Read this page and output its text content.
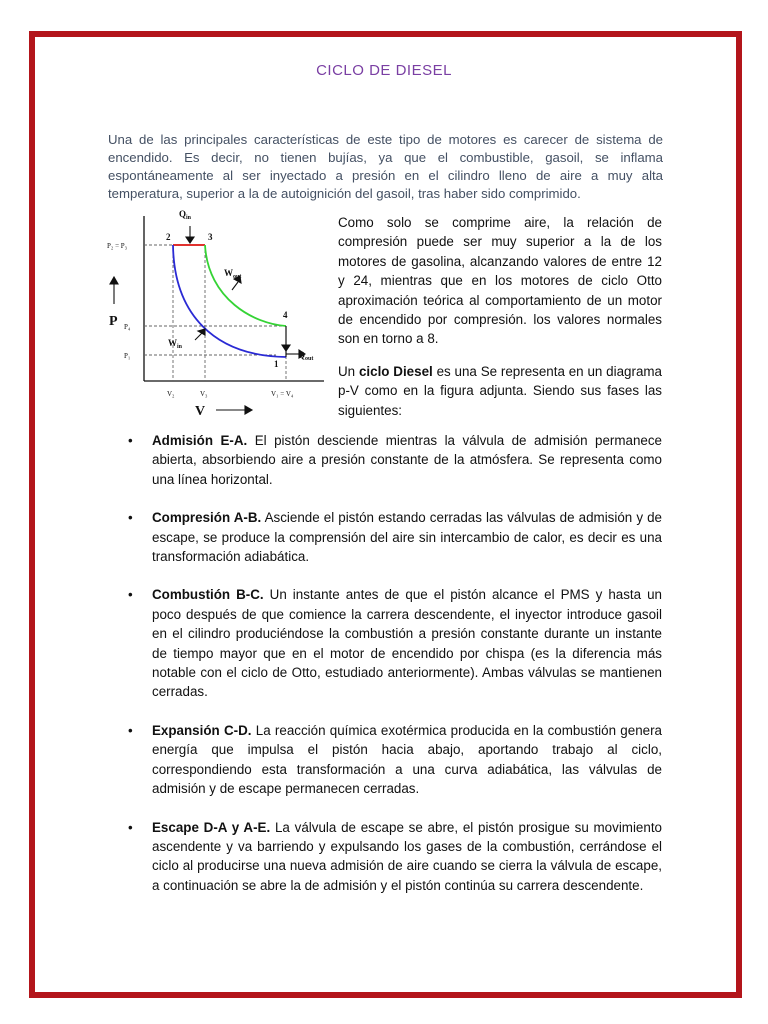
CICLO DE DIESEL

Una de las principales características de este tipo de motores es carecer de sistema de encendido. Es decir, no tienen bujías, ya que el combustible, gasoil, se inflama espontáneamente al ser inyectado a presión en el cilindro lleno de aire a muy alta temperatura, superior a la de autoignición del gasoil, tras haber sido comprimido.

P₂ = P₃
P₄
P₁
V₂	V₃	V₁ = V₄
P
V
2	3
4
1
$Q_{in}$
$Q_{out}$
$W_{out}$
$W_{in}$

Como solo se comprime aire, la relación de compresión puede ser muy superior a la de los motores de gasolina, alcanzando valores de entre 12 y 24, mientras que en los motores de ciclo Otto aproximación teórica al comportamiento de un motor de encendido por compresión. los valores normales son en torno a 8.

Un ciclo Diesel es una Se representa en un diagrama p-V como en la figura adjunta. Siendo sus fases las siguientes:

• Admisión E-A. El pistón desciende mientras la válvula de admisión permanece abierta, absorbiendo aire a presión constante de la atmósfera. Se representa como una línea horizontal.
• Compresión A-B. Asciende el pistón estando cerradas las válvulas de admisión y de escape, se produce la comprensión del aire sin intercambio de calor, es decir es una transformación adiabática.
• Combustión B-C. Un instante antes de que el pistón alcance el PMS y hasta un poco después de que comience la carrera descendente, el inyector introduce gasoil en el cilindro produciéndose la combustión a presión constante durante un instante de tiempo mayor que en el motor de encendido por chispa (es la diferencia más notable con el ciclo de Otto, estudiado anteriormente). Ambas válvulas se mantienen cerradas.
• Expansión C-D. La reacción química exotérmica producida en la combustión genera energía que impulsa el pistón hacia abajo, aportando trabajo al ciclo, correspondiendo esta transformación a una curva adiabática, las válvulas de admisión y de escape permanecen cerradas.
• Escape D-A y A-E. La válvula de escape se abre, el pistón prosigue su movimiento ascendente y va barriendo y expulsando los gases de la combustión, cerrándose el ciclo al producirse una nueva admisión de aire cuando se cierra la válvula de escape, a continuación se abre la de admisión y el pistón continúa su carrera descendente.
